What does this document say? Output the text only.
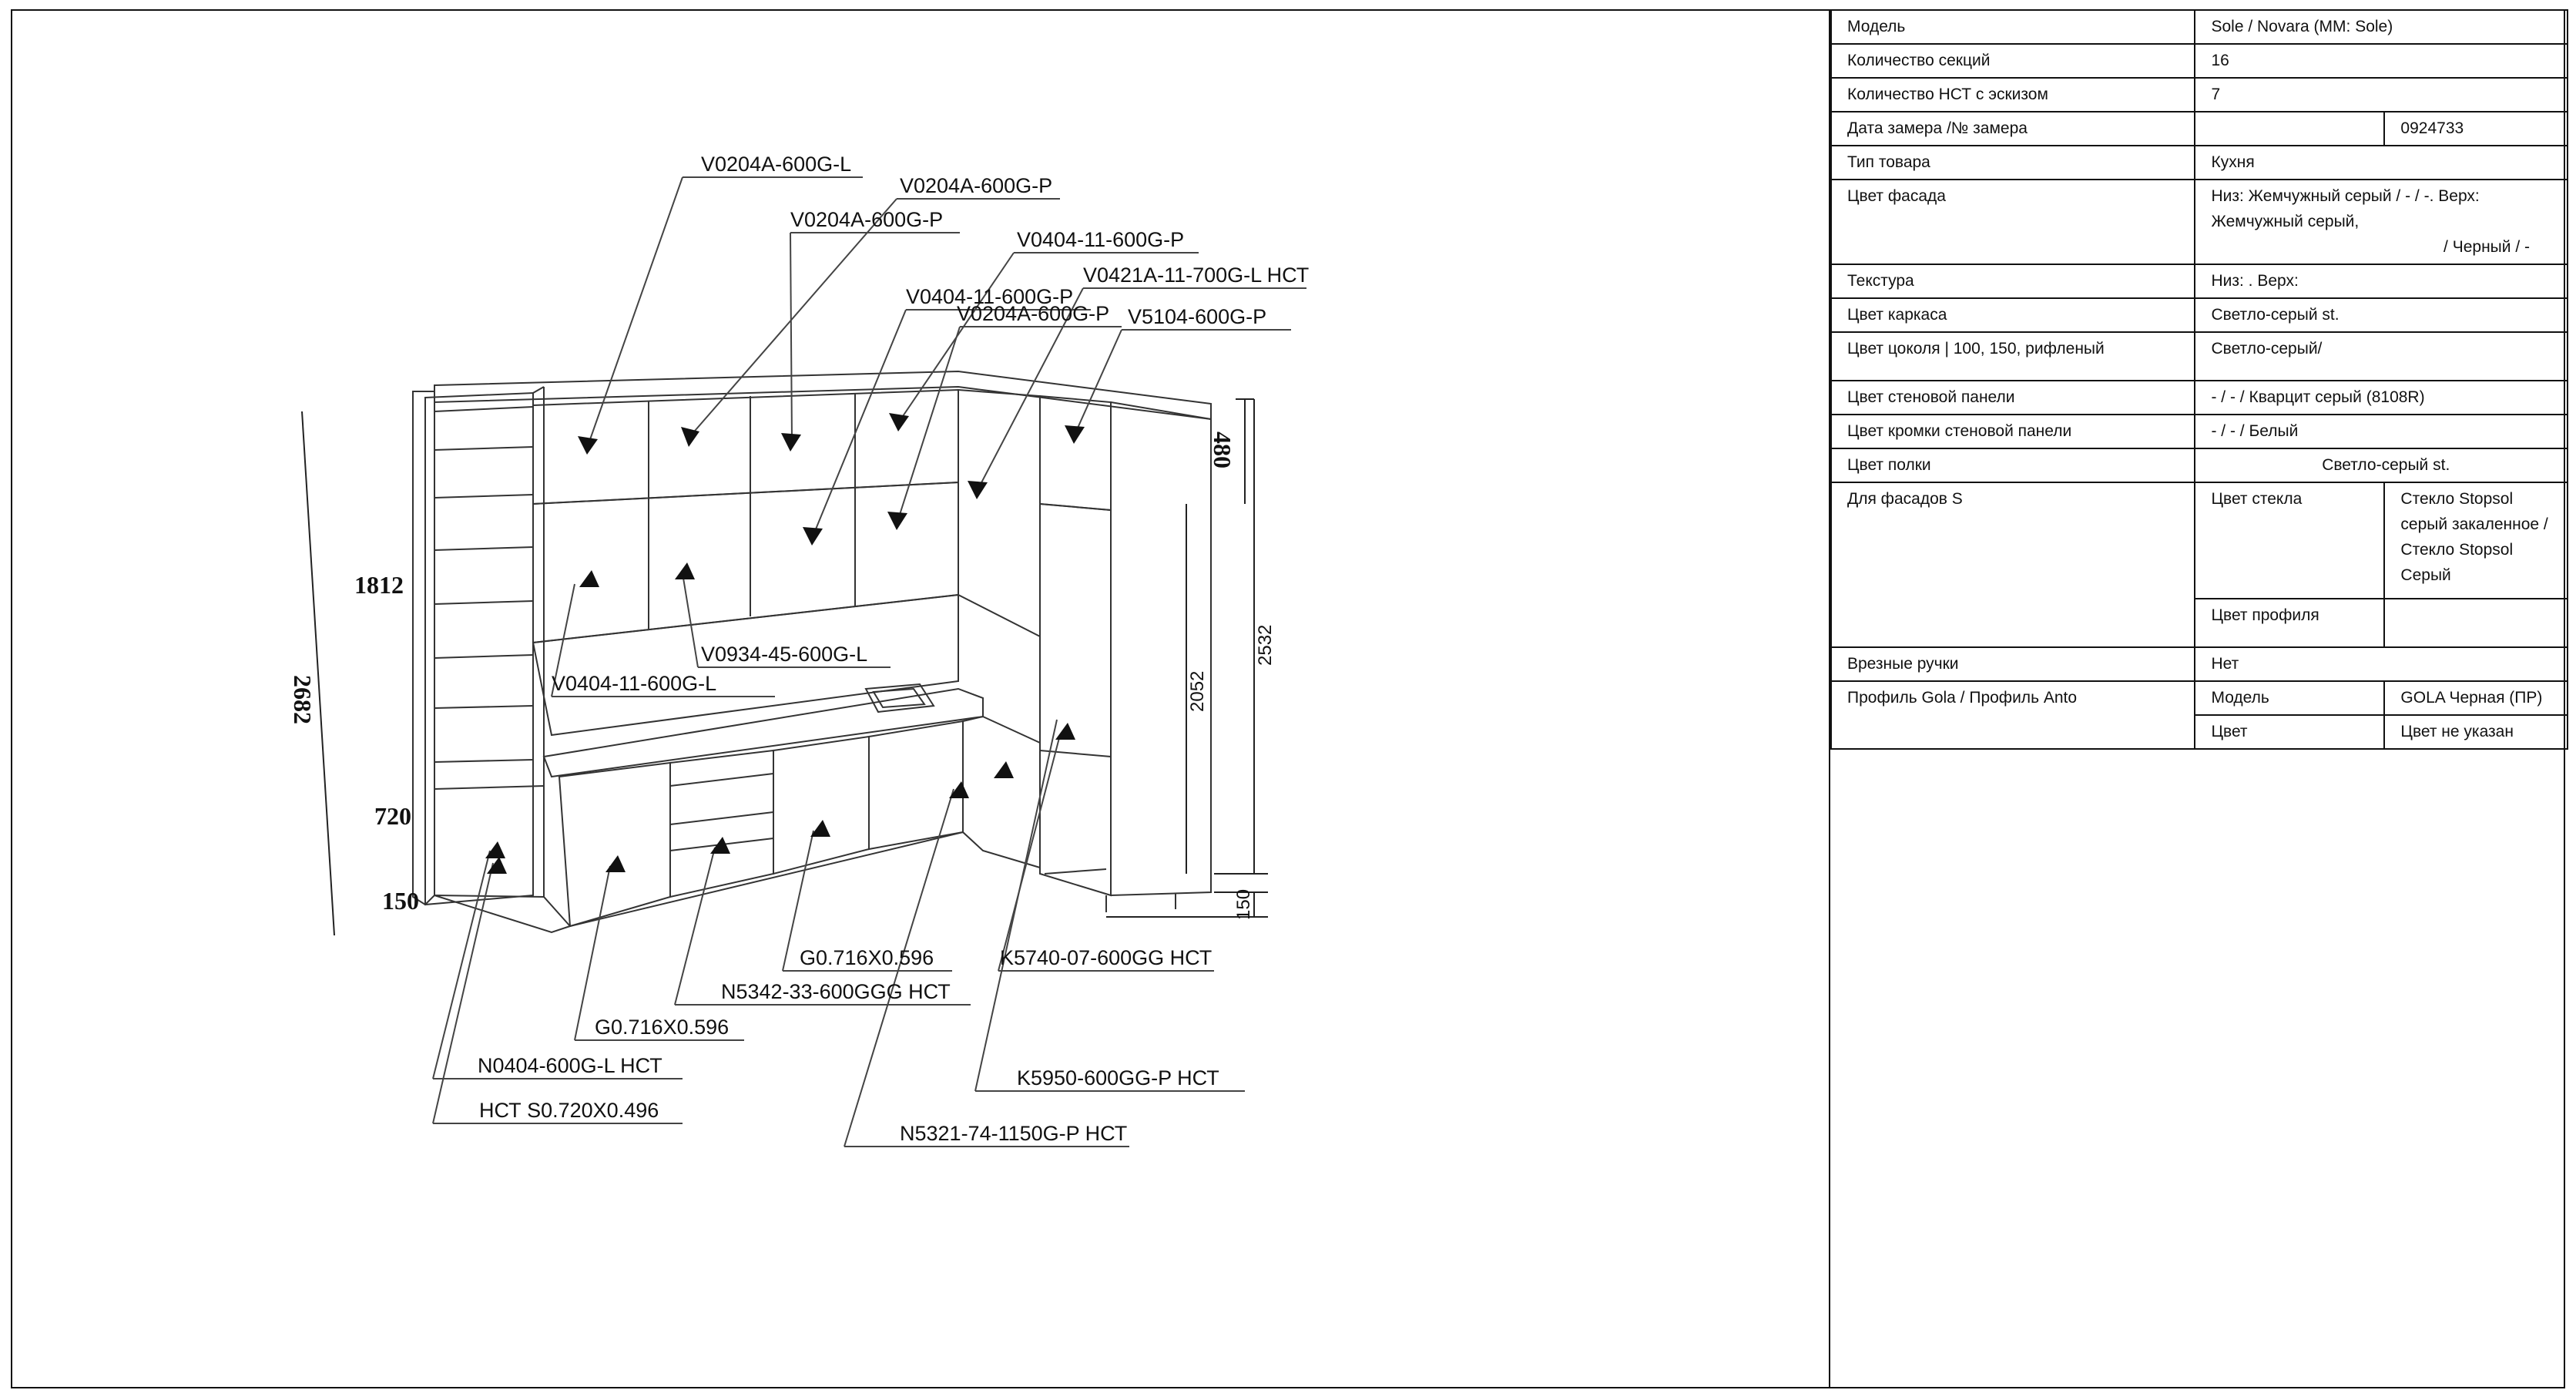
V0204A-600G-L
V0204A-600G-P
V0204A-600G-P
V0404-11-600G-P
V0421A-11-700G-L НСТ
V0404-11-600G-P
V0204A-600G-P V5104-600G-P
V0934-45-600G-L
V0404-11-600G-L
G0.716X0.596	K5740-07-600GG НСТ
N5342-33-600GGG НСТ
G0.716X0.596
N0404-600G-L НСТ
K5950-600GG-P НСТ
НСТ S0.720X0.496
N5321-74-1150G-P НСТ
1812
2682
720
150
480
2052
2532
150
Модель	Sole / Novara (MM: Sole)	
Количество секций	16	
Количество НСТ с эскизом	7	
Дата замера /№ замера		0924733
Тип товара	Кухня	
Цвет фасада	Низ: Жемчужный серый / - / -. Верх:
Жемчужный серый,
/ Черный / -	

Текстура	Низ: . Верх:	
Цвет каркаса	Светло-серый st.	
Цвет цоколя | 100, 150, рифленый	Светло-серый/	
Цвет стеновой панели	- / - / Кварцит серый (8108R)	
Цвет кромки стеновой панели	- / - / Белый	
Цвет полки	Светло-серый st.	
Для фасадов S	Цвет стекла	Стекло Stopsol серый закаленное / Стекло Stopsol Серый
	Цвет профиля	
Врезные ручки	Нет	
Профиль Gola / Профиль Anto	Модель	GOLA Черная (ПР)
	Цвет	Цвет не указан
